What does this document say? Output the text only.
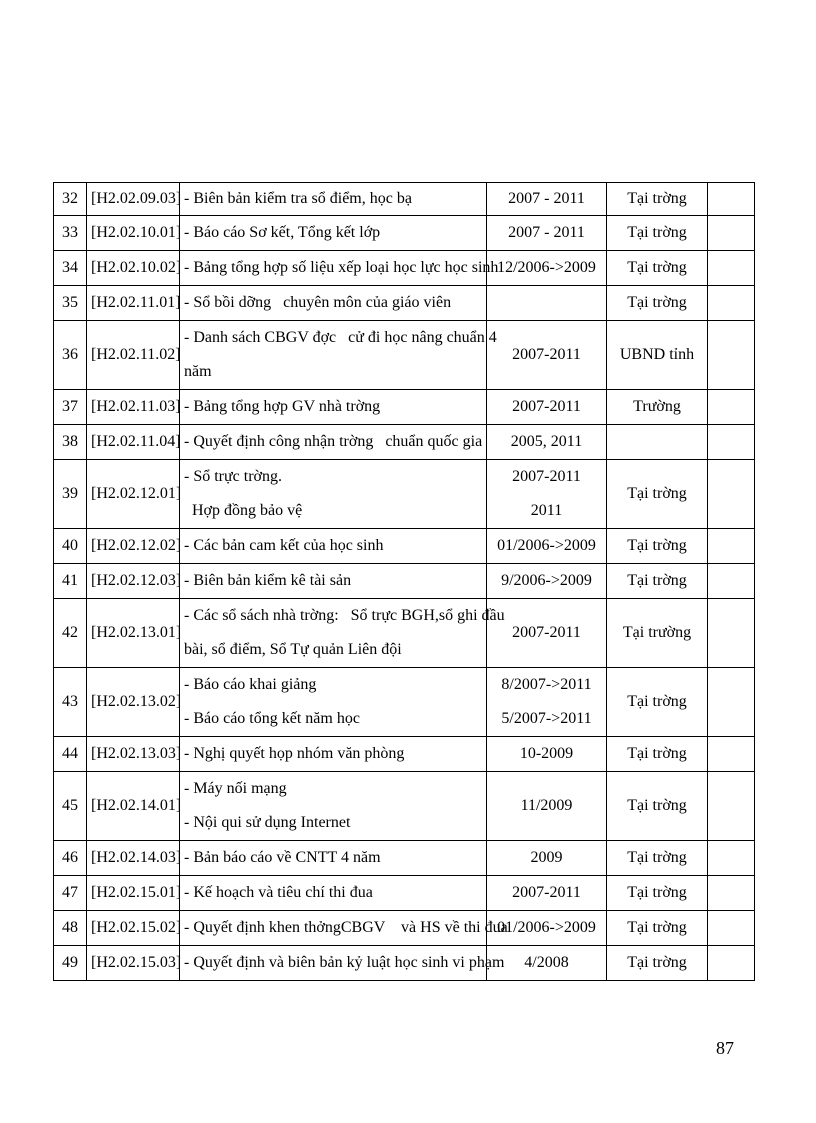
32	[H2.02.09.03]	- Biên bản kiểm tra sổ điểm, học bạ	2007 - 2011	Tại trờng	
33	[H2.02.10.01]	- Báo cáo Sơ kết, Tổng kết lớp	2007 - 2011	Tại trờng	
34	[H2.02.10.02]	- Bảng tổng hợp số liệu xếp loại học lực học sinh	12/2006->2009	Tại trờng	
35	[H2.02.11.01]	- Sổ bồi dỡng   chuyên môn của giáo viên		Tại trờng	
36	[H2.02.11.02]	- Danh sách CBGV đợc   cử đi học nâng chuẩn 4
năm	2007-2011	UBND tỉnh	
37	[H2.02.11.03]	- Bảng tổng hợp GV nhà trờng	2007-2011	Trường	
38	[H2.02.11.04]	- Quyết định công nhận trờng   chuẩn quốc gia	2005, 2011		
39	[H2.02.12.01]	- Sổ trực trờng.
Hợp đồng bảo vệ	2007-2011
2011	Tại trờng	
40	[H2.02.12.02]	- Các bản cam kết của học sinh	01/2006->2009	Tại trờng	
41	[H2.02.12.03]	- Biên bản kiểm kê tài sản	9/2006->2009	Tại trờng	
42	[H2.02.13.01]	- Các sổ sách nhà trờng:   Sổ trực BGH,sổ ghi đầu
bài, sổ điểm, Sổ Tự quản Liên đội	2007-2011	Tại trường	
43	[H2.02.13.02]	- Báo cáo khai giảng
- Báo cáo tổng kết năm học	8/2007->2011
5/2007->2011	Tại trờng	
44	[H2.02.13.03]	- Nghị quyết họp nhóm văn phòng	10-2009	Tại trờng	
45	[H2.02.14.01]	- Máy nối mạng
- Nội qui sử dụng Internet	11/2009	Tại trờng	
46	[H2.02.14.03]	- Bản báo cáo về CNTT 4 năm	2009	Tại trờng	
47	[H2.02.15.01]	- Kế hoạch và tiêu chí thi đua	2007-2011	Tại trờng	
48	[H2.02.15.02]	- Quyết định khen thởngCBGV    và HS về thi đua	01/2006->2009	Tại trờng	
49	[H2.02.15.03]	- Quyết định và biên bản kỷ luật học sinh vi phạm	4/2008	Tại trờng	
87
